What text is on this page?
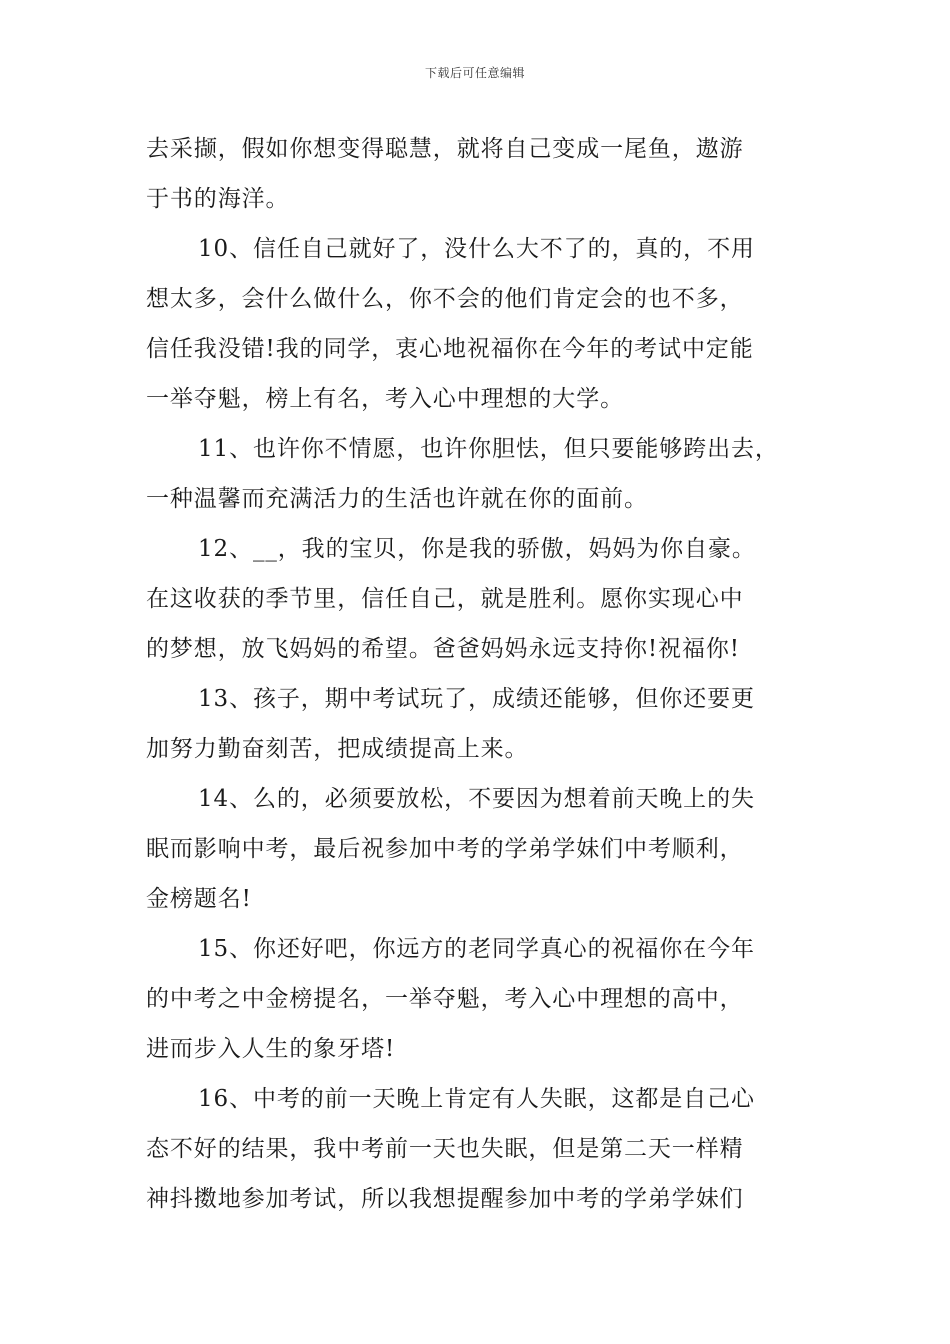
下载后可任意编辑
去采撷，假如你想变得聪慧，就将自己变成一尾鱼，遨游
于书的海洋。
10、信任自己就好了，没什么大不了的，真的，不用
想太多，会什么做什么，你不会的他们肯定会的也不多，
信任我没错!我的同学，衷心地祝福你在今年的考试中定能
一举夺魁，榜上有名，考入心中理想的大学。
11、也许你不情愿，也许你胆怯，但只要能够跨出去，
一种温馨而充满活力的生活也许就在你的面前。
12、__，我的宝贝，你是我的骄傲，妈妈为你自豪。
在这收获的季节里，信任自己，就是胜利。愿你实现心中
的梦想，放飞妈妈的希望。爸爸妈妈永远支持你!祝福你!
13、孩子，期中考试玩了，成绩还能够，但你还要更
加努力勤奋刻苦，把成绩提高上来。
14、么的，必须要放松，不要因为想着前天晚上的失
眠而影响中考，最后祝参加中考的学弟学妹们中考顺利，
金榜题名!
15、你还好吧，你远方的老同学真心的祝福你在今年
的中考之中金榜提名，一举夺魁，考入心中理想的高中，
进而步入人生的象牙塔!
16、中考的前一天晚上肯定有人失眠，这都是自己心
态不好的结果，我中考前一天也失眠，但是第二天一样精
神抖擞地参加考试，所以我想提醒参加中考的学弟学妹们
